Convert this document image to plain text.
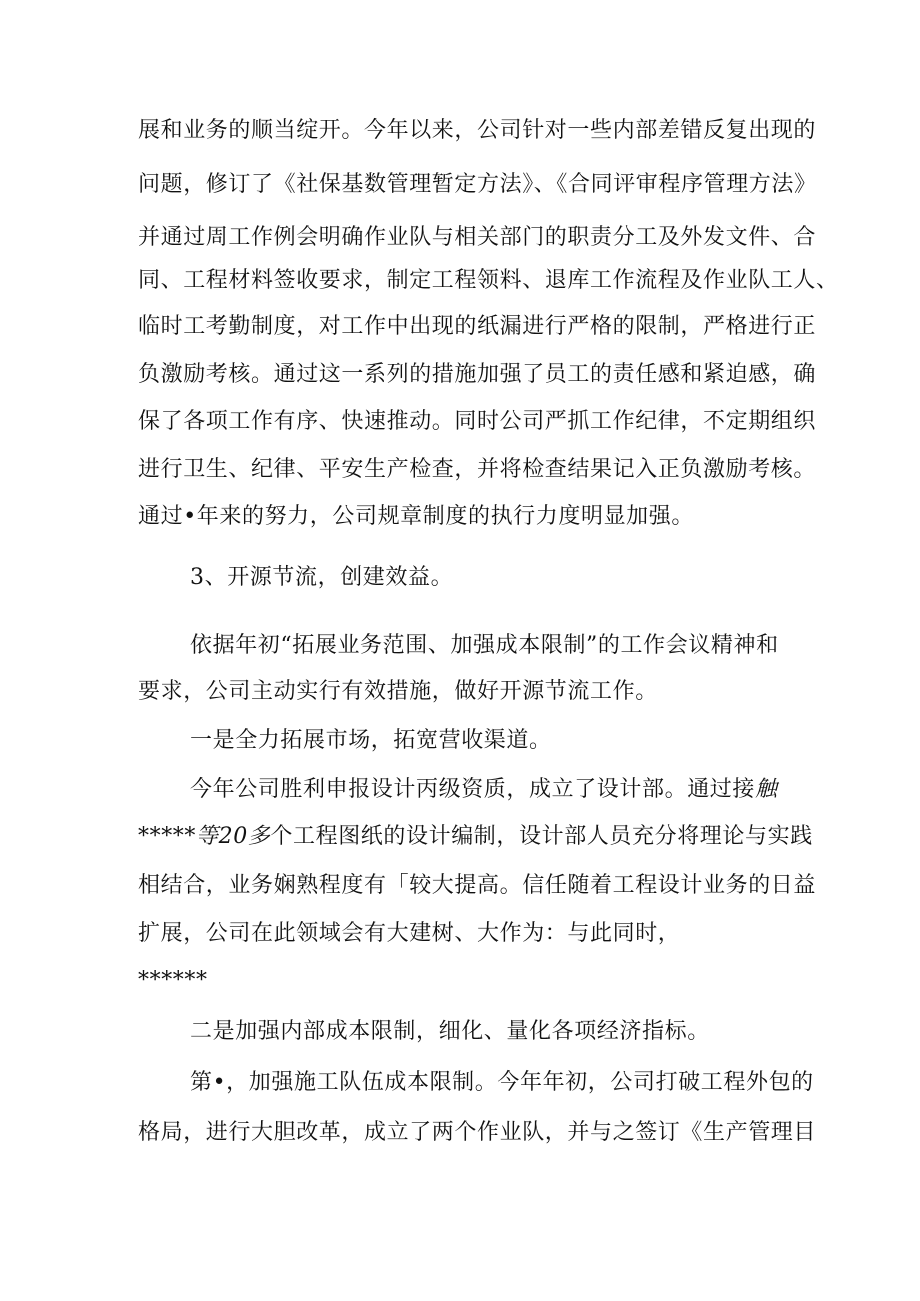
展和业务的顺当绽开。今年以来，公司针对一些内部差错反复出现的
问题，修订了《社保基数管理暂定方法》、《合同评审程序管理方法》
并通过周工作例会明确作业队与相关部门的职责分工及外发文件、合
同、工程材料签收要求，制定工程领料、退库工作流程及作业队工人、
临时工考勤制度，对工作中出现的纸漏进行严格的限制，严格进行正
负激励考核。通过这一系列的措施加强了员工的责任感和紧迫感，确
保了各项工作有序、快速推动。同时公司严抓工作纪律，不定期组织
进行卫生、纪律、平安生产检查，并将检查结果记入正负激励考核。
通过•年来的努力，公司规章制度的执行力度明显加强。
3、开源节流，创建效益。
依据年初“拓展业务范围、加强成本限制”的工作会议精神和
要求，公司主动实行有效措施，做好开源节流工作。
一是全力拓展市场，拓宽营收渠道。
今年公司胜利申报设计丙级资质，成立了设计部。通过接触
*****等20多个工程图纸的设计编制，设计部人员充分将理论与实践
相结合，业务娴熟程度有「较大提高。信任随着工程设计业务的日益
扩展，公司在此领域会有大建树、大作为：与此同时，
******
二是加强内部成本限制，细化、量化各项经济指标。
第•，加强施工队伍成本限制。今年年初，公司打破工程外包的
格局，进行大胆改革，成立了两个作业队，并与之签订《生产管理目
